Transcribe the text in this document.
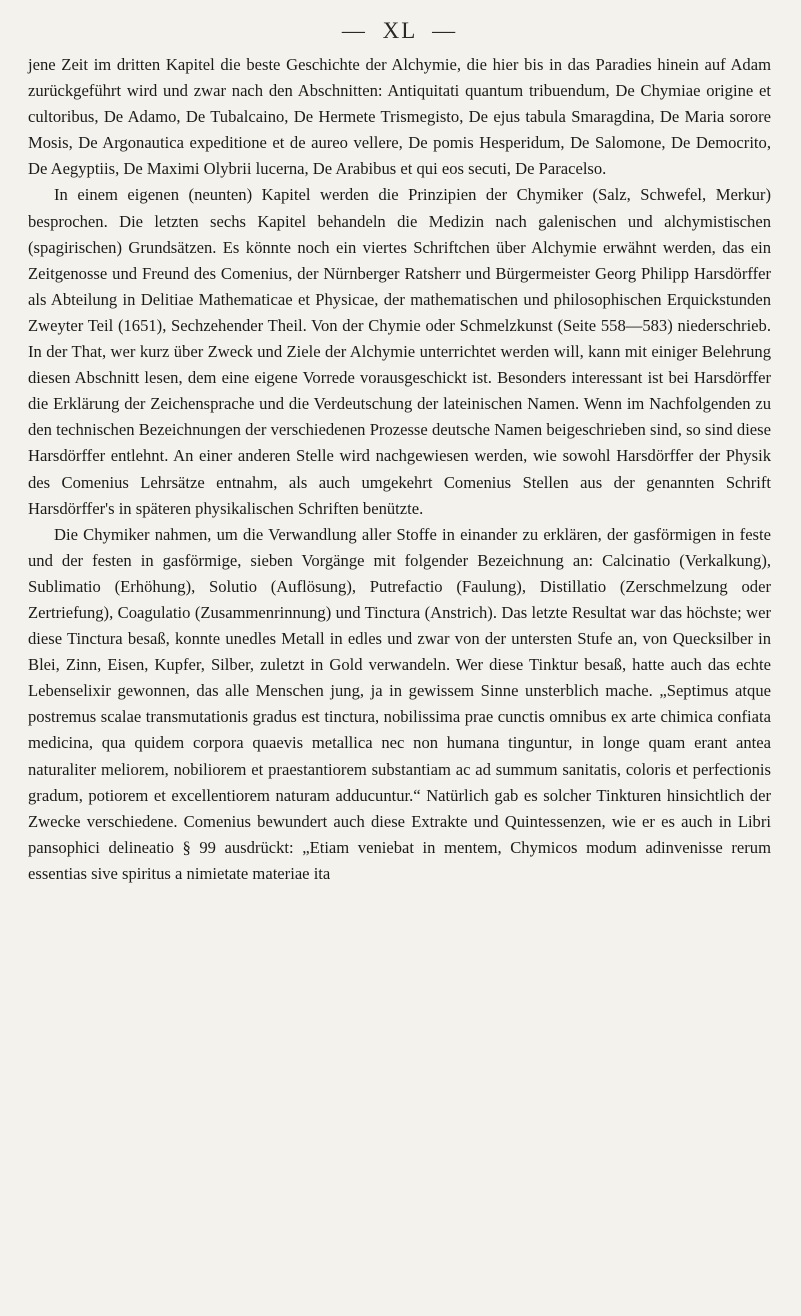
— XL —

jene Zeit im dritten Kapitel die beste Geschichte der Alchymie, die hier bis in das Paradies hinein auf Adam zurückgeführt wird und zwar nach den Abschnitten: Antiquitati quantum tribuendum, De Chymiae origine et cultoribus, De Adamo, De Tubalcaino, De Hermete Trismegisto, De ejus tabula Smaragdina, De Maria sorore Mosis, De Argonautica expeditione et de aureo vellere, De pomis Hesperidum, De Salomone, De Democrito, De Aegyptiis, De Maximi Olybrii lucerna, De Arabibus et qui eos secuti, De Paracelso.

In einem eigenen (neunten) Kapitel werden die Prinzipien der Chymiker (Salz, Schwefel, Merkur) besprochen. Die letzten sechs Kapitel behandeln die Medizin nach galenischen und alchymistischen (spagirischen) Grundsätzen. Es könnte noch ein viertes Schriftchen über Alchymie erwähnt werden, das ein Zeitgenosse und Freund des Comenius, der Nürnberger Ratsherr und Bürgermeister Georg Philipp Harsdörffer als Abteilung in Delitiae Mathematicae et Physicae, der mathematischen und philosophischen Erquickstunden Zweyter Teil (1651), Sechzehender Theil. Von der Chymie oder Schmelzkunst (Seite 558—583) niederschrieb. In der That, wer kurz über Zweck und Ziele der Alchymie unterrichtet werden will, kann mit einiger Belehrung diesen Abschnitt lesen, dem eine eigene Vorrede vorausgeschickt ist. Besonders interessant ist bei Harsdörffer die Erklärung der Zeichensprache und die Verdeutschung der lateinischen Namen. Wenn im Nachfolgenden zu den technischen Bezeichnungen der verschiedenen Prozesse deutsche Namen beigeschrieben sind, so sind diese Harsdörffer entlehnt. An einer anderen Stelle wird nachgewiesen werden, wie sowohl Harsdörffer der Physik des Comenius Lehrsätze entnahm, als auch umgekehrt Comenius Stellen aus der genannten Schrift Harsdörffer's in späteren physikalischen Schriften benützte.

Die Chymiker nahmen, um die Verwandlung aller Stoffe in einander zu erklären, der gasförmigen in feste und der festen in gasförmige, sieben Vorgänge mit folgender Bezeichnung an: Calcinatio (Verkalkung), Sublimatio (Erhöhung), Solutio (Auflösung), Putrefactio (Faulung), Distillatio (Zerschmelzung oder Zertriefung), Coagulatio (Zusammenrinnung) und Tinctura (Anstrich). Das letzte Resultat war das höchste; wer diese Tinctura besaß, konnte unedles Metall in edles und zwar von der untersten Stufe an, von Quecksilber in Blei, Zinn, Eisen, Kupfer, Silber, zuletzt in Gold verwandeln. Wer diese Tinktur besaß, hatte auch das echte Lebenselixir gewonnen, das alle Menschen jung, ja in gewissem Sinne unsterblich mache. „Septimus atque postremus scalae transmutationis gradus est tinctura, nobilissima prae cunctis omnibus ex arte chimica confiata medicina, qua quidem corpora quaevis metallica nec non humana tinguntur, in longe quam erant antea naturaliter meliorem, nobiliorem et praestantiorem substantiam ac ad summum sanitatis, coloris et perfectionis gradum, potiorem et excellentiorem naturam adducuntur.“ Natürlich gab es solcher Tinkturen hinsichtlich der Zwecke verschiedene. Comenius bewundert auch diese Extrakte und Quintessenzen, wie er es auch in Libri pansophici delineatio § 99 ausdrückt: „Etiam veniebat in mentem, Chymicos modum adinvenisse rerum essentias sive spiritus a nimietate materiae ita
